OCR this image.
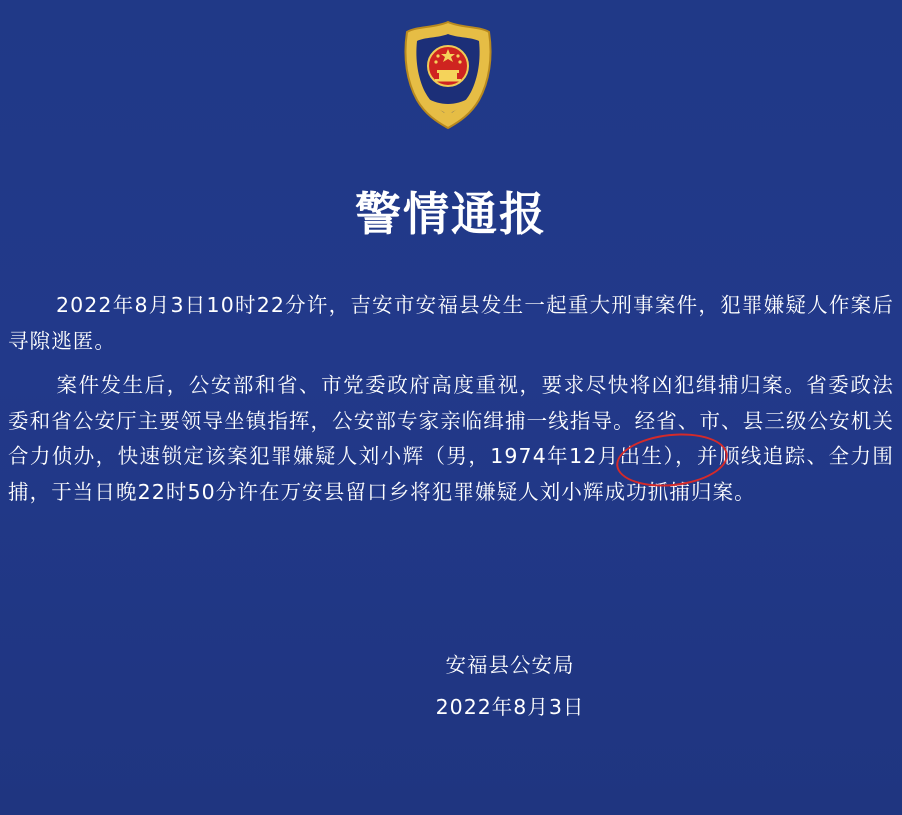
警情通报

2022年8月3日10时22分许，吉安市安福县发生一起重大刑事案件，犯罪嫌疑人作案后寻隙逃匿。

案件发生后，公安部和省、市党委政府高度重视，要求尽快将凶犯缉捕归案。省委政法委和省公安厅主要领导坐镇指挥，公安部专家亲临缉捕一线指导。经省、市、县三级公安机关合力侦办，快速锁定该案犯罪嫌疑人刘小辉（男，1974年12月出生），并顺线追踪、全力围捕，于当日晚22时50分许在万安县留口乡将犯罪嫌疑人刘小辉成功抓捕归案。

安福县公安局
2022年8月3日
